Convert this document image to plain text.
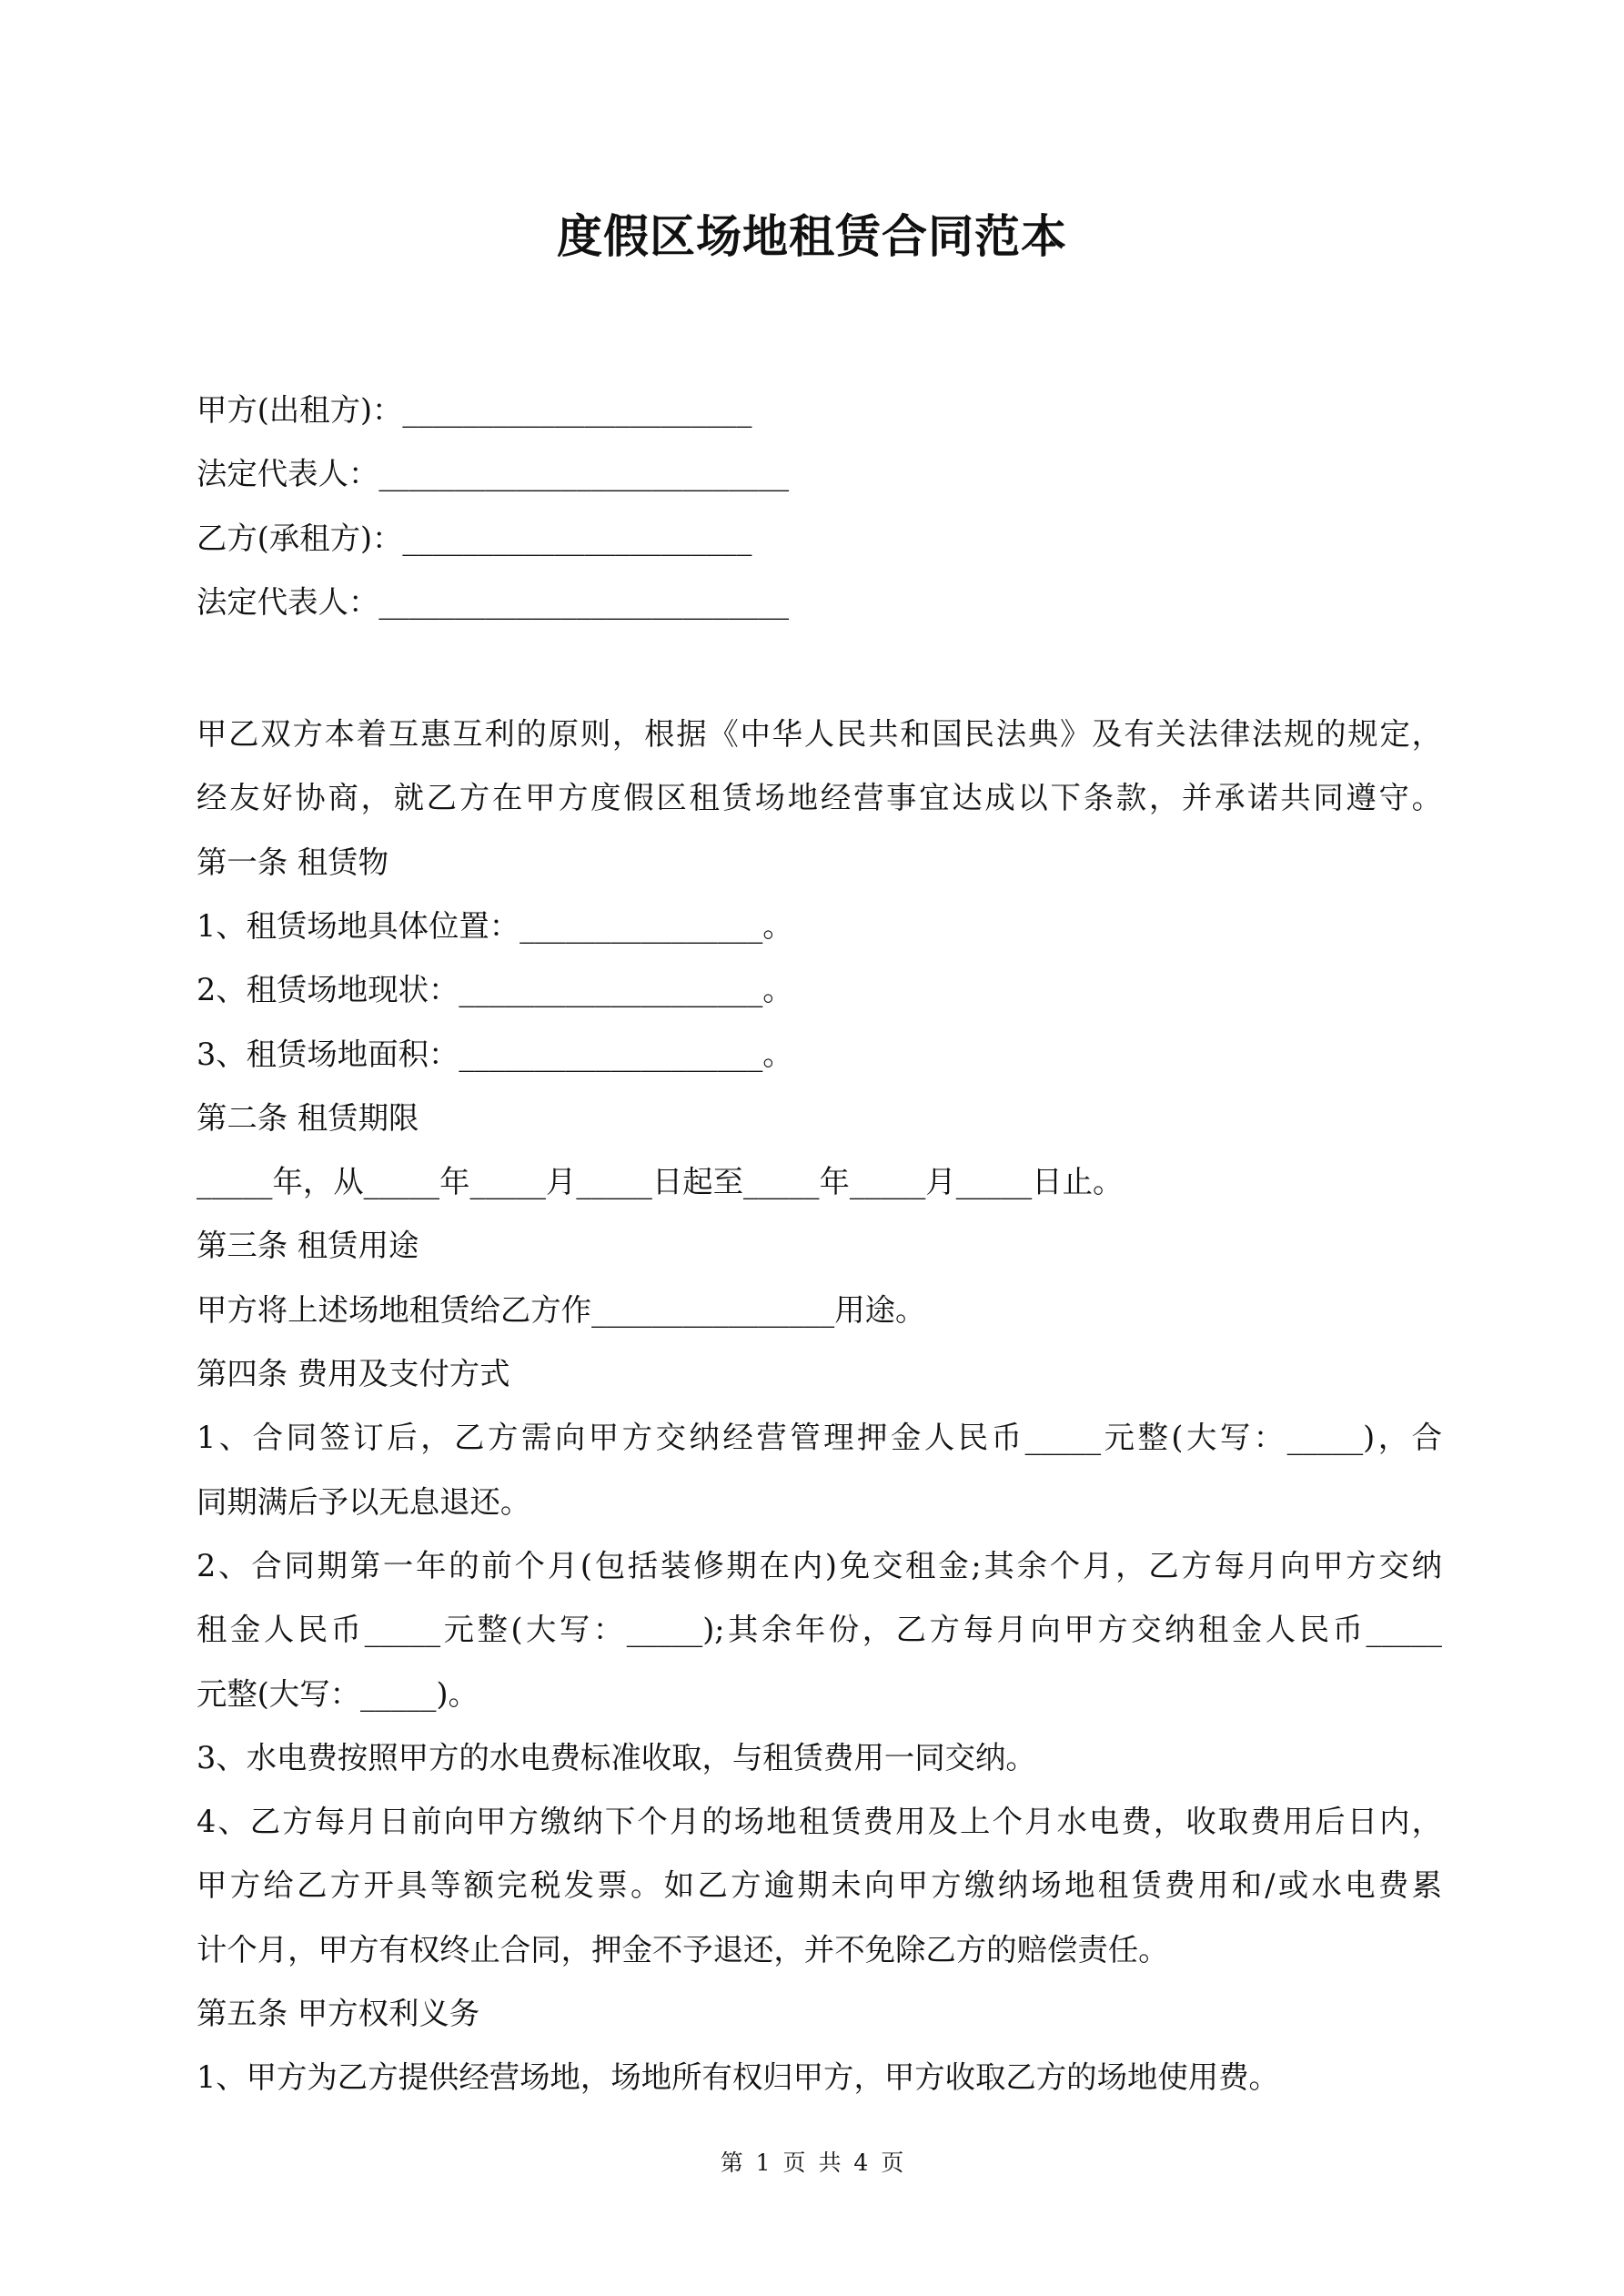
度假区场地租赁合同范本
甲方(出租方)：_______________________
法定代表人：___________________________
乙方(承租方)：_______________________
法定代表人：___________________________
甲乙双方本着互惠互利的原则，根据《中华人民共和国民法典》及有关法律法规的规定，
经友好协商，就乙方在甲方度假区租赁场地经营事宜达成以下条款，并承诺共同遵守。
第一条 租赁物
1、租赁场地具体位置：________________。
2、租赁场地现状：____________________。
3、租赁场地面积：____________________。
第二条 租赁期限
_____年，从_____年_____月_____日起至_____年_____月_____日止。
第三条 租赁用途
甲方将上述场地租赁给乙方作________________用途。
第四条 费用及支付方式
1、合同签订后，乙方需向甲方交纳经营管理押金人民币_____元整(大写：_____)，合
同期满后予以无息退还。
2、合同期第一年的前个月(包括装修期在内)免交租金;其余个月，乙方每月向甲方交纳
租金人民币_____元整(大写：_____);其余年份，乙方每月向甲方交纳租金人民币_____
元整(大写：_____)。
3、水电费按照甲方的水电费标准收取，与租赁费用一同交纳。
4、乙方每月日前向甲方缴纳下个月的场地租赁费用及上个月水电费，收取费用后日内，
甲方给乙方开具等额完税发票。如乙方逾期未向甲方缴纳场地租赁费用和/或水电费累
计个月，甲方有权终止合同，押金不予退还，并不免除乙方的赔偿责任。
第五条 甲方权利义务
1、甲方为乙方提供经营场地，场地所有权归甲方，甲方收取乙方的场地使用费。
第 1 页 共 4 页
